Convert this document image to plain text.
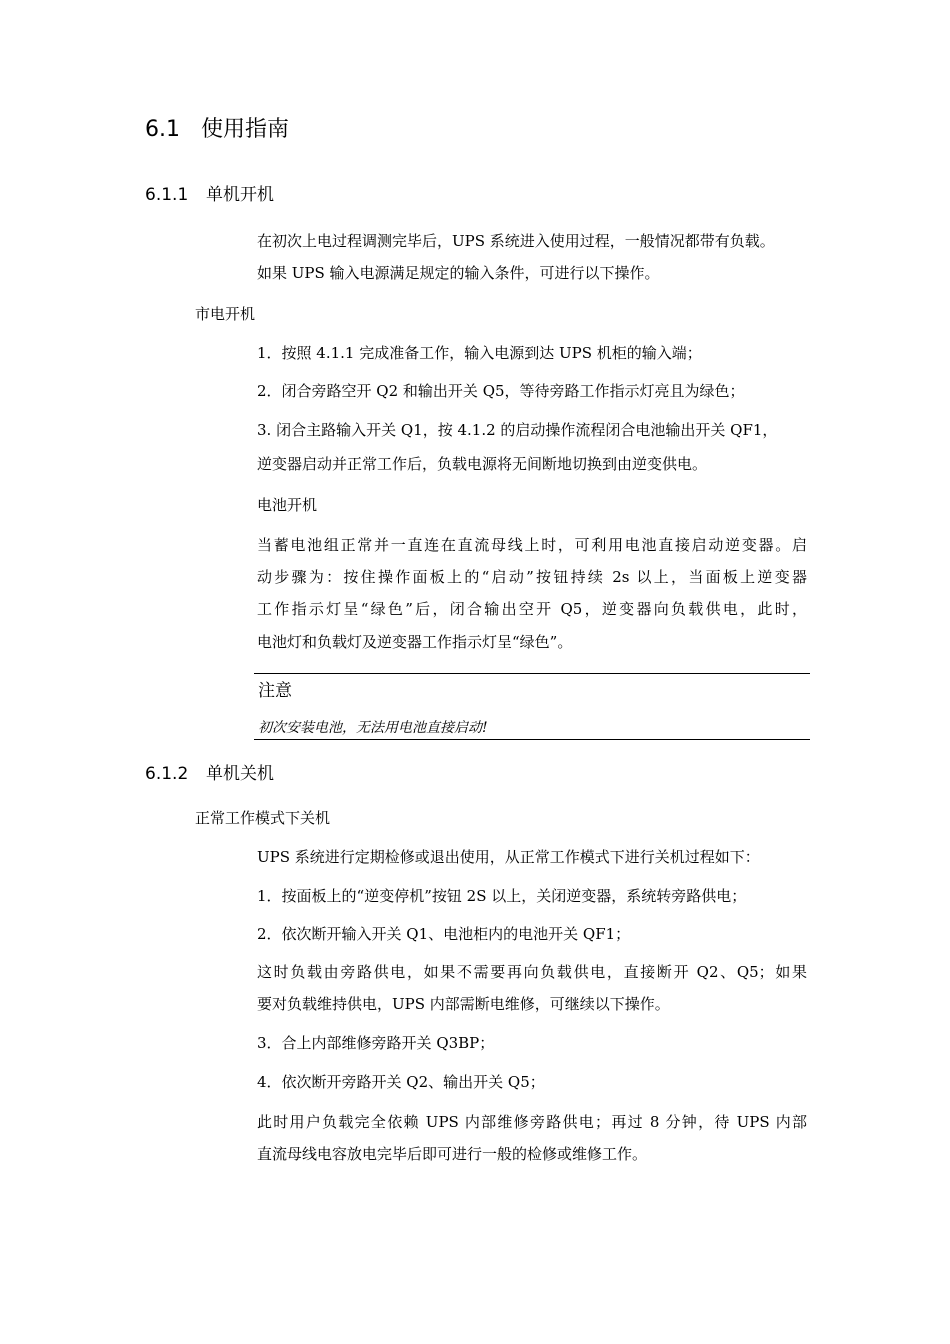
6.1 使用指南
6.1.1 单机开机
在初次上电过程调测完毕后，UPS 系统进入使用过程，一般情况都带有负载。
如果 UPS 输入电源满足规定的输入条件，可进行以下操作。
市电开机
1．按照 4.1.1 完成准备工作，输入电源到达 UPS 机柜的输入端；
2．闭合旁路空开 Q2 和输出开关 Q5，等待旁路工作指示灯亮且为绿色；
3. 闭合主路输入开关 Q1，按 4.1.2 的启动操作流程闭合电池输出开关 QF1，
逆变器启动并正常工作后，负载电源将无间断地切换到由逆变供电。
电池开机
当蓄电池组正常并一直连在直流母线上时，可利用电池直接启动逆变器。启
动步骤为：按住操作面板上的“启动”按钮持续 2s 以上，当面板上逆变器
工作指示灯呈“绿色”后，闭合输出空开 Q5，逆变器向负载供电，此时，
电池灯和负载灯及逆变器工作指示灯呈“绿色”。
注意
初次安装电池，无法用电池直接启动!
6.1.2 单机关机
正常工作模式下关机
UPS 系统进行定期检修或退出使用，从正常工作模式下进行关机过程如下：
1．按面板上的“逆变停机”按钮 2S 以上，关闭逆变器，系统转旁路供电；
2．依次断开输入开关 Q1、电池柜内的电池开关 QF1；
这时负载由旁路供电，如果不需要再向负载供电，直接断开 Q2、Q5；如果
要对负载维持供电，UPS 内部需断电维修，可继续以下操作。
3．合上内部维修旁路开关 Q3BP；
4．依次断开旁路开关 Q2、输出开关 Q5；
此时用户负载完全依赖 UPS 内部维修旁路供电；再过 8 分钟，待 UPS 内部
直流母线电容放电完毕后即可进行一般的检修或维修工作。
